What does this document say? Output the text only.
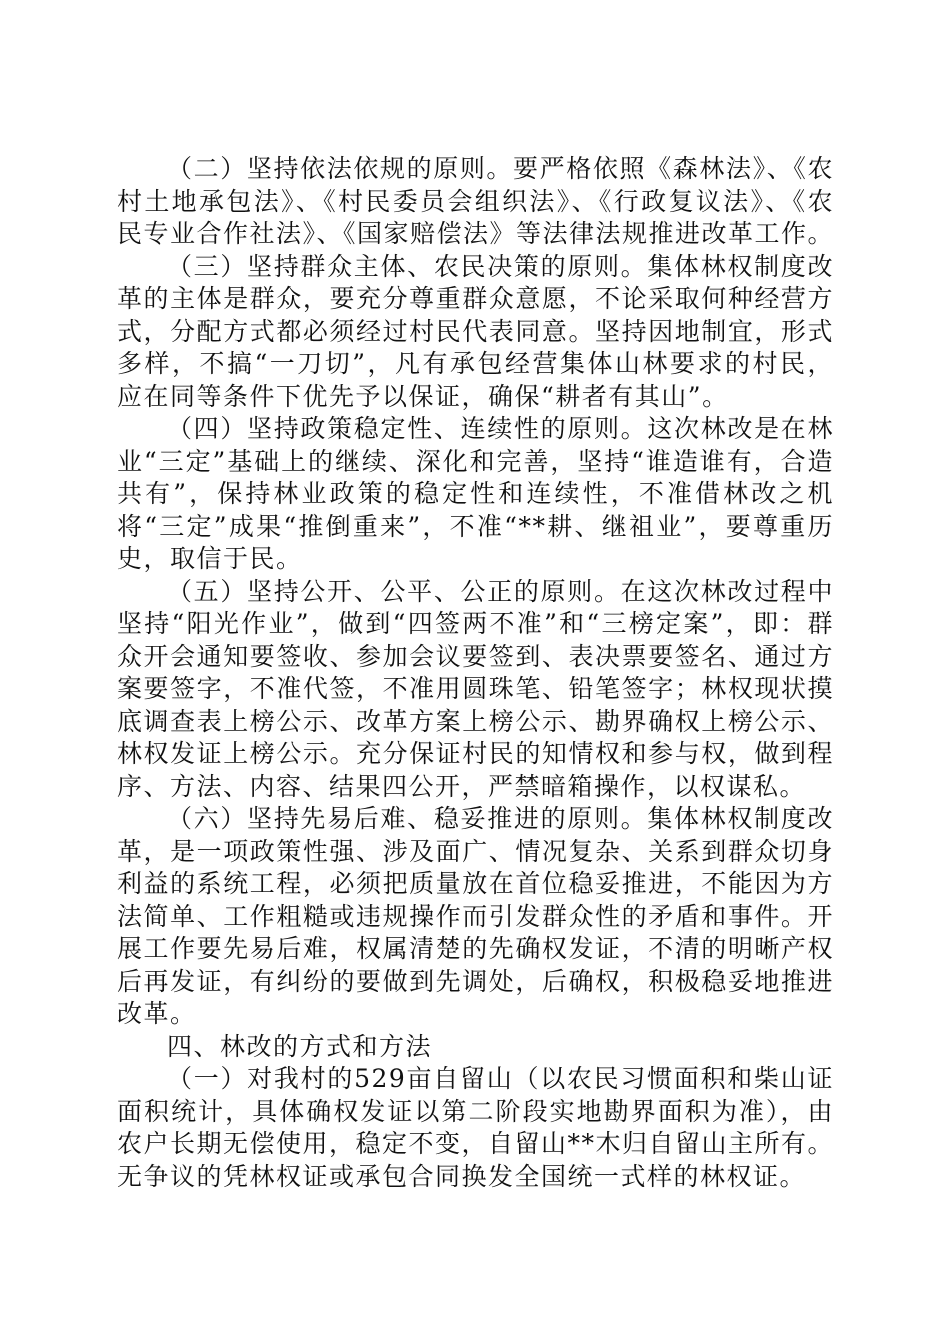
（二）坚持依法依规的原则。要严格依照《森林法》、《农村土地承包法》、《村民委员会组织法》、《行政复议法》、《农民专业合作社法》、《国家赔偿法》等法律法规推进改革工作。

（三）坚持群众主体、农民决策的原则。集体林权制度改革的主体是群众，要充分尊重群众意愿，不论采取何种经营方式，分配方式都必须经过村民代表同意。坚持因地制宜，形式多样，不搞“一刀切”，凡有承包经营集体山林要求的村民，应在同等条件下优先予以保证，确保“耕者有其山”。

（四）坚持政策稳定性、连续性的原则。这次林改是在林业“三定”基础上的继续、深化和完善，坚持“谁造谁有，合造共有”，保持林业政策的稳定性和连续性，不准借林改之机将“三定”成果“推倒重来”，不准“**耕、继祖业”，要尊重历史，取信于民。

（五）坚持公开、公平、公正的原则。在这次林改过程中坚持“阳光作业”，做到“四签两不准”和“三榜定案”，即：群众开会通知要签收、参加会议要签到、表决票要签名、通过方案要签字，不准代签，不准用圆珠笔、铅笔签字；林权现状摸底调查表上榜公示、改革方案上榜公示、勘界确权上榜公示、林权发证上榜公示。充分保证村民的知情权和参与权，做到程序、方法、内容、结果四公开，严禁暗箱操作，以权谋私。

（六）坚持先易后难、稳妥推进的原则。集体林权制度改革，是一项政策性强、涉及面广、情况复杂、关系到群众切身利益的系统工程，必须把质量放在首位稳妥推进，不能因为方法简单、工作粗糙或违规操作而引发群众性的矛盾和事件。开展工作要先易后难，权属清楚的先确权发证，不清的明晰产权后再发证，有纠纷的要做到先调处，后确权，积极稳妥地推进改革。

四、林改的方式和方法

（一）对我村的529亩自留山（以农民习惯面积和柴山证面积统计，具体确权发证以第二阶段实地勘界面积为准），由农户长期无偿使用，稳定不变，自留山**木归自留山主所有。无争议的凭林权证或承包合同换发全国统一式样的林权证。
